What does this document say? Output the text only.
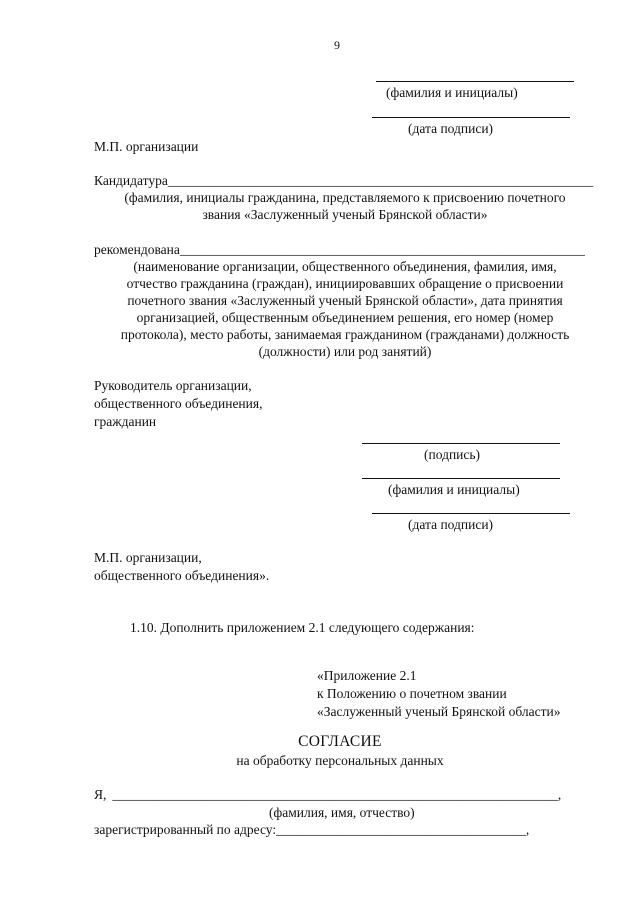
9
(фамилия и инициалы)
(дата подписи)
М.П. организации
Кандидатура_______________________________________________________________
(фамилия, инициалы гражданина, представляемого к присвоению почетного
звания «Заслуженный ученый Брянской области»
рекомендована____________________________________________________________
(наименование организации, общественного объединения, фамилия, имя,
отчество гражданина (граждан), инициировавших обращение о присвоении
почетного звания «Заслуженный ученый Брянской области», дата принятия
организацией, общественным объединением решения, его номер (номер
протокола), место работы, занимаемая гражданином (гражданами) должность
(должности) или род занятий)
Руководитель организации,
общественного объединения,
гражданин
(подпись)
(фамилия и инициалы)
(дата подписи)
М.П. организации,
общественного объединения».
1.10. Дополнить приложением 2.1 следующего содержания:
«Приложение 2.1
к Положению о почетном звании
«Заслуженный ученый Брянской области»
СОГЛАСИЕ
на обработку персональных данных
Я, __________________________________________________________________,
(фамилия, имя, отчество)
зарегистрированный по адресу:_____________________________________,
